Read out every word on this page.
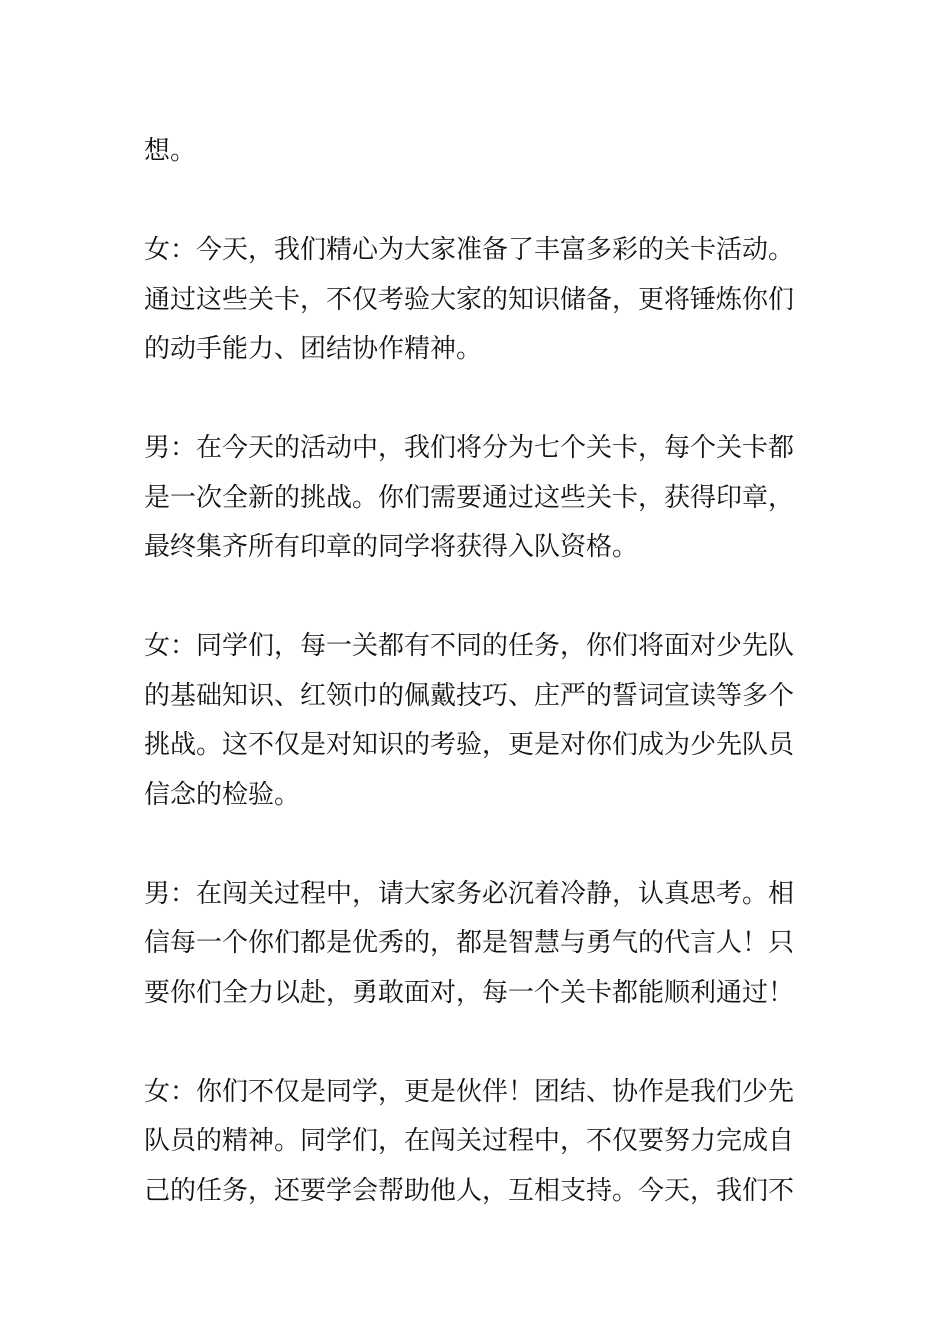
想。

女：今天，我们精心为大家准备了丰富多彩的关卡活动。
通过这些关卡，不仅考验大家的知识储备，更将锤炼你们
的动手能力、团结协作精神。

男：在今天的活动中，我们将分为七个关卡，每个关卡都
是一次全新的挑战。你们需要通过这些关卡，获得印章，
最终集齐所有印章的同学将获得入队资格。

女：同学们，每一关都有不同的任务，你们将面对少先队
的基础知识、红领巾的佩戴技巧、庄严的誓词宣读等多个
挑战。这不仅是对知识的考验，更是对你们成为少先队员
信念的检验。

男：在闯关过程中，请大家务必沉着冷静，认真思考。相
信每一个你们都是优秀的，都是智慧与勇气的代言人！只
要你们全力以赴，勇敢面对，每一个关卡都能顺利通过！

女：你们不仅是同学，更是伙伴！团结、协作是我们少先
队员的精神。同学们，在闯关过程中，不仅要努力完成自
己的任务，还要学会帮助他人，互相支持。今天，我们不
